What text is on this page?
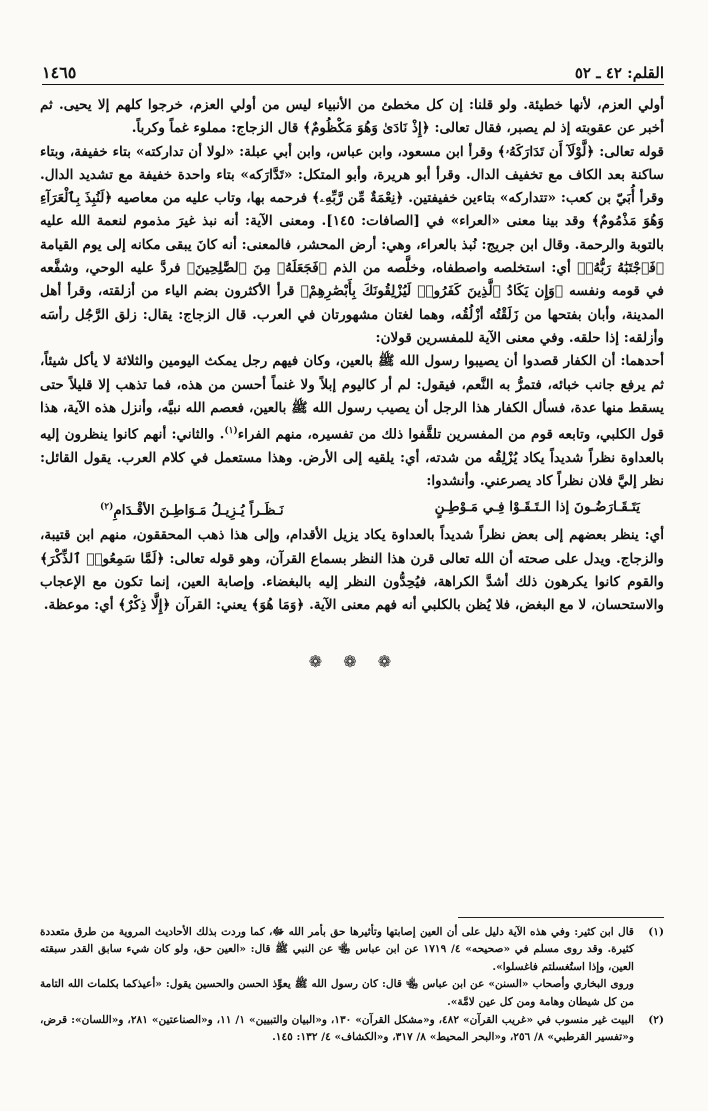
القلم: ٤٢ ـ ٥٢
١٤٦٥

أولي العزم، لأنها خطيئة. ولو قلنا: إن كل مخطئ من الأنبياء ليس من أولي العزم، خرجوا كلهم إلا يحيى. ثم أخبر عن عقوبته إذ لم يصبر، فقال تعالى: ﴿إِذْ نَادَىٰ وَهُوَ مَكْظُومٌ﴾ قال الزجاج: مملوء غماً وكرباً.

قوله تعالى: ﴿لَّوْلَآ أَن تَدَارَكَهُۥ﴾ وقرأ ابن مسعود، وابن عباس، وابن أبي عبلة: «لولا أن تداركته» بتاء خفيفة، وبتاء ساكنة بعد الكاف مع تخفيف الدال. وقرأ أبو هريرة، وأبو المتكل: «تَدَّارَكه» بتاء واحدة خفيفة مع تشديد الدال. وقرأ أُبَيّ بن كعب: «تتداركه» بتاءين خفيفتين. ﴿نِعْمَةٌ مِّن رَّبِّهِۦ﴾ فرحمه بها، وتاب عليه من معاصيه ﴿لَنُبِذَ بِٱلْعَرَآءِ وَهُوَ مَذْمُومٌ﴾ وقد بينا معنى «العراء» في [الصافات: ١٤٥]. ومعنى الآية: أنه نبذ غيرَ مذموم لنعمة الله عليه بالتوبة والرحمة. وقال ابن جريج: نُبذ بالعراء، وهي: أرض المحشر، فالمعنى: أنه كانَ يبقى مكانه إلى يوم القيامة ﴿فَٱجْتَبَٰهُ رَبُّهُۥ﴾ أي: استخلصه واصطفاه، وخلَّصه من الذم ﴿فَجَعَلَهُۥ مِنَ ٱلصَّٰلِحِينَ﴾ فردَّ عليه الوحي، وشفَّعه في قومه ونفسه ﴿وَإِن يَكَادُ ٱلَّذِينَ كَفَرُوا۟ لَيُزْلِقُونَكَ بِأَبْصَٰرِهِمْ﴾ قرأ الأكثرون بضم الياء من أزلقته، وقرأ أهل المدينة، وأبان بفتحها من زَلَقْتُه أزْلُقُه، وهما لغتان مشهورتان في العرب. قال الزجاج: يقال: زلق الرَّجُل رأسَه وأزلقه: إذا حلقه. وفي معنى الآية للمفسرين قولان:

أحدهما: أن الكفار قصدوا أن يصيبوا رسول الله ﷺ بالعين، وكان فيهم رجل يمكث اليومين والثلاثة لا يأكل شيئاً، ثم يرفع جانب خبائه، فتمرُّ به النَّعم، فيقول: لم أر كاليوم إبلاً ولا غنماً أحسن من هذه، فما تذهب إلا قليلاً حتى يسقط منها عدة، فسأل الكفار هذا الرجل أن يصيب رسول الله ﷺ بالعين، فعصم الله نبيَّه، وأنزل هذه الآية، هذا قول الكلبي، وتابعه قوم من المفسرين تلقَّفوا ذلك من تفسيره، منهم الفراء$^{(١)}$. والثاني: أنهم كانوا ينظرون إليه بالعداوة نظراً شديداً يكاد يُزْلِقُه من شدته، أي: يلقيه إلى الأرض. وهذا مستعمل في كلام العرب. يقول القائل: نظر إليَّ فلان نظراً كاد يصرعني. وأنشدوا:

يَتَـقَـارَضُـونَ إذا الـتَـقَـوْا فِـي مَـوْطِـنٍ
نَـظَـراً يُـزِيـلُ مَـوَاطِـنَ الأقْـدَامِ$^{(٢)}$

أي: ينظر بعضهم إلى بعض نظراً شديداً بالعداوة يكاد يزيل الأقدام، وإلى هذا ذهب المحققون، منهم ابن قتيبة، والزجاج. ويدل على صحته أن الله تعالى قرن هذا النظر بسماع القرآن، وهو قوله تعالى: ﴿لَمَّا سَمِعُوا۟ ٱلذِّكْرَ﴾ والقوم كانوا يكرهون ذلك أشدَّ الكراهة، فيُحِدُّون النظر إليه بالبغضاء. وإصابة العين، إنما تكون مع الإعجاب والاستحسان، لا مع البغض، فلا يُظن بالكلبي أنه فهم معنى الآية. ﴿وَمَا هُوَ﴾ يعني: القرآن ﴿إِلَّا ذِكْرٌ﴾ أي: موعظة.

❁ ❁ ❁
(١)

قال ابن كثير: وفي هذه الآية دليل على أن العين إصابتها وتأثيرها حق بأمر الله ﷻ، كما وردت بذلك الأحاديث المروية من طرق متعددة كثيرة. وقد روى مسلم في «صحيحه» ٤/ ١٧١٩ عن ابن عباس ﵄ عن النبي ﷺ قال: «العين حق، ولو كان شيء سابق القدر سبقته العين، وإذا استُغسلتم فاغسلوا».

وروى البخاري وأصحاب «السنن» عن ابن عباس ﵄ قال: كان رسول الله ﷺ يعوِّذ الحسن والحسين يقول: «أعيذكما بكلمات الله التامة من كل شيطان وهامة ومن كل عين لامَّة».

(٢)

البيت غير منسوب في «غريب القرآن» ٤٨٢، و«مشكل القرآن» ١٣٠، و«البيان والتبيين» ١/ ١١، و«الصناعتين» ٢٨١، و«اللسان»: قرض، و«تفسير القرطبي» ٨/ ٢٥٦، و«البحر المحيط» ٨/ ٣١٧، و«الكشاف» ٤/ ١٣٢: ١٤٥.
